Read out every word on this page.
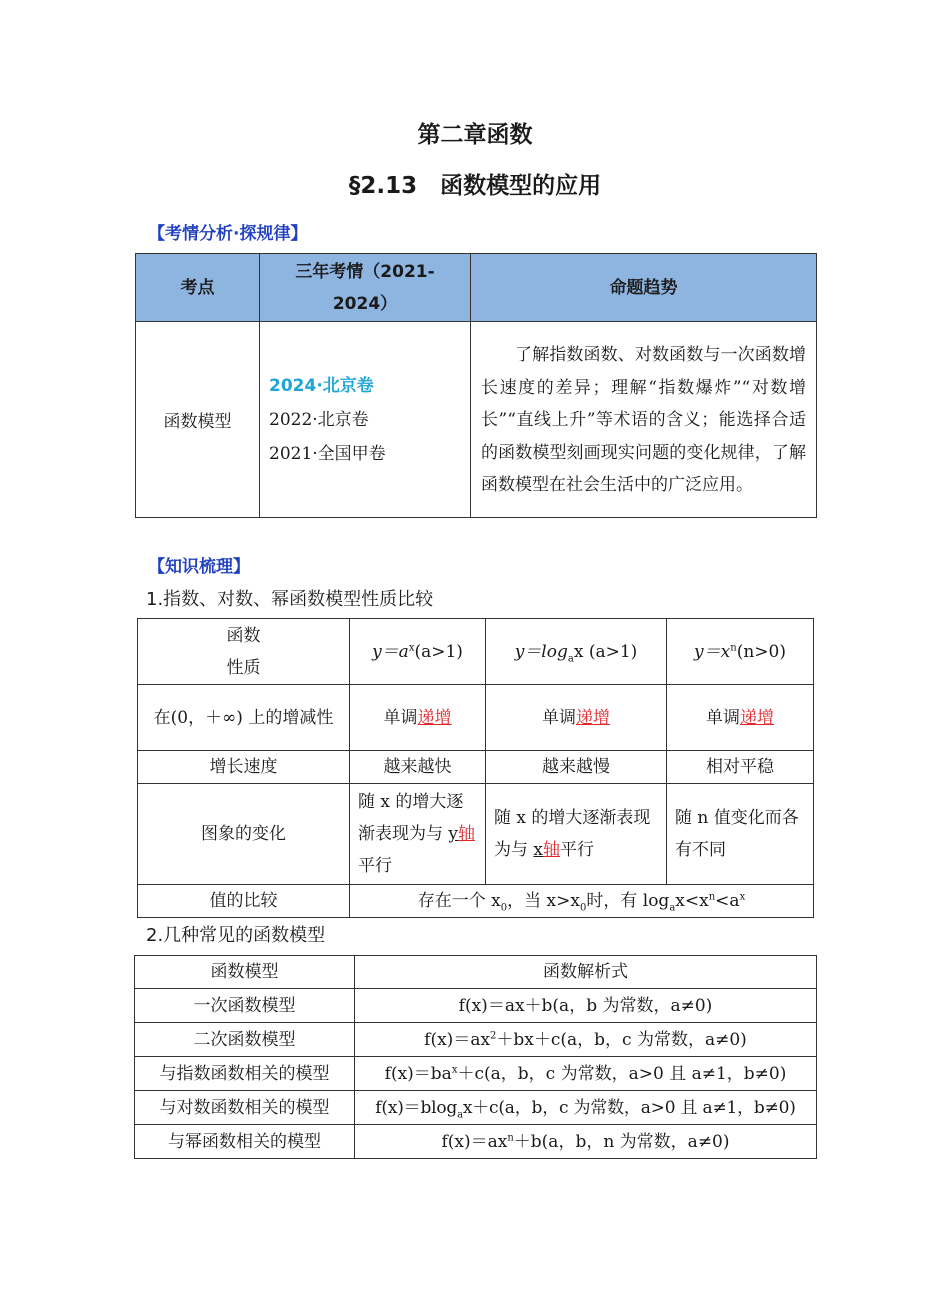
第二章函数
§2.13　函数模型的应用
【考情分析·探规律】
考点	三年考情（2021-2024）	命题趋势
函数模型	2024·北京卷
2022·北京卷
2021·全国甲卷	了解指数函数、对数函数与一次函数增长速度的差异；理解“指数爆炸”“对数增长”“直线上升”等术语的含义；能选择合适的函数模型刻画现实问题的变化规律，了解函数模型在社会生活中的广泛应用。
【知识梳理】
1.指数、对数、幂函数模型性质比较
函数
性质	$y=a^x(a>1)$	$y=\log_ax$ (a>1)	$y=x^n(n>0)$
在(0，＋∞) 上的增减性	单调递增	单调递增	单调递增
增长速度	越来越快	越来越慢	相对平稳
图象的变化	随 x 的增大逐渐表现为与 y轴平行	随 x 的增大逐渐表现为与 x轴平行	随 n 值变化而各有不同
值的比较	存在一个 $x_0$，当 $x>x_0$时，有 $\log_ax<x^n<a^x$
2.几种常见的函数模型
函数模型	函数解析式
一次函数模型	f(x)＝ax＋b(a，b 为常数，a≠0)
二次函数模型	$f(x)=ax^2+bx+c(a$，b，c 为常数，a≠0)
与指数函数相关的模型	$f(x)=ba^x+c(a$，b，c 为常数，a>0 且 a≠1，b≠0)
与对数函数相关的模型	f(x)＝blog$_a$x＋c(a，b，c 为常数，a>0 且 a≠1，b≠0)
与幂函数相关的模型	$f(x)=ax^n+b(a$，b，n 为常数，a≠0)
